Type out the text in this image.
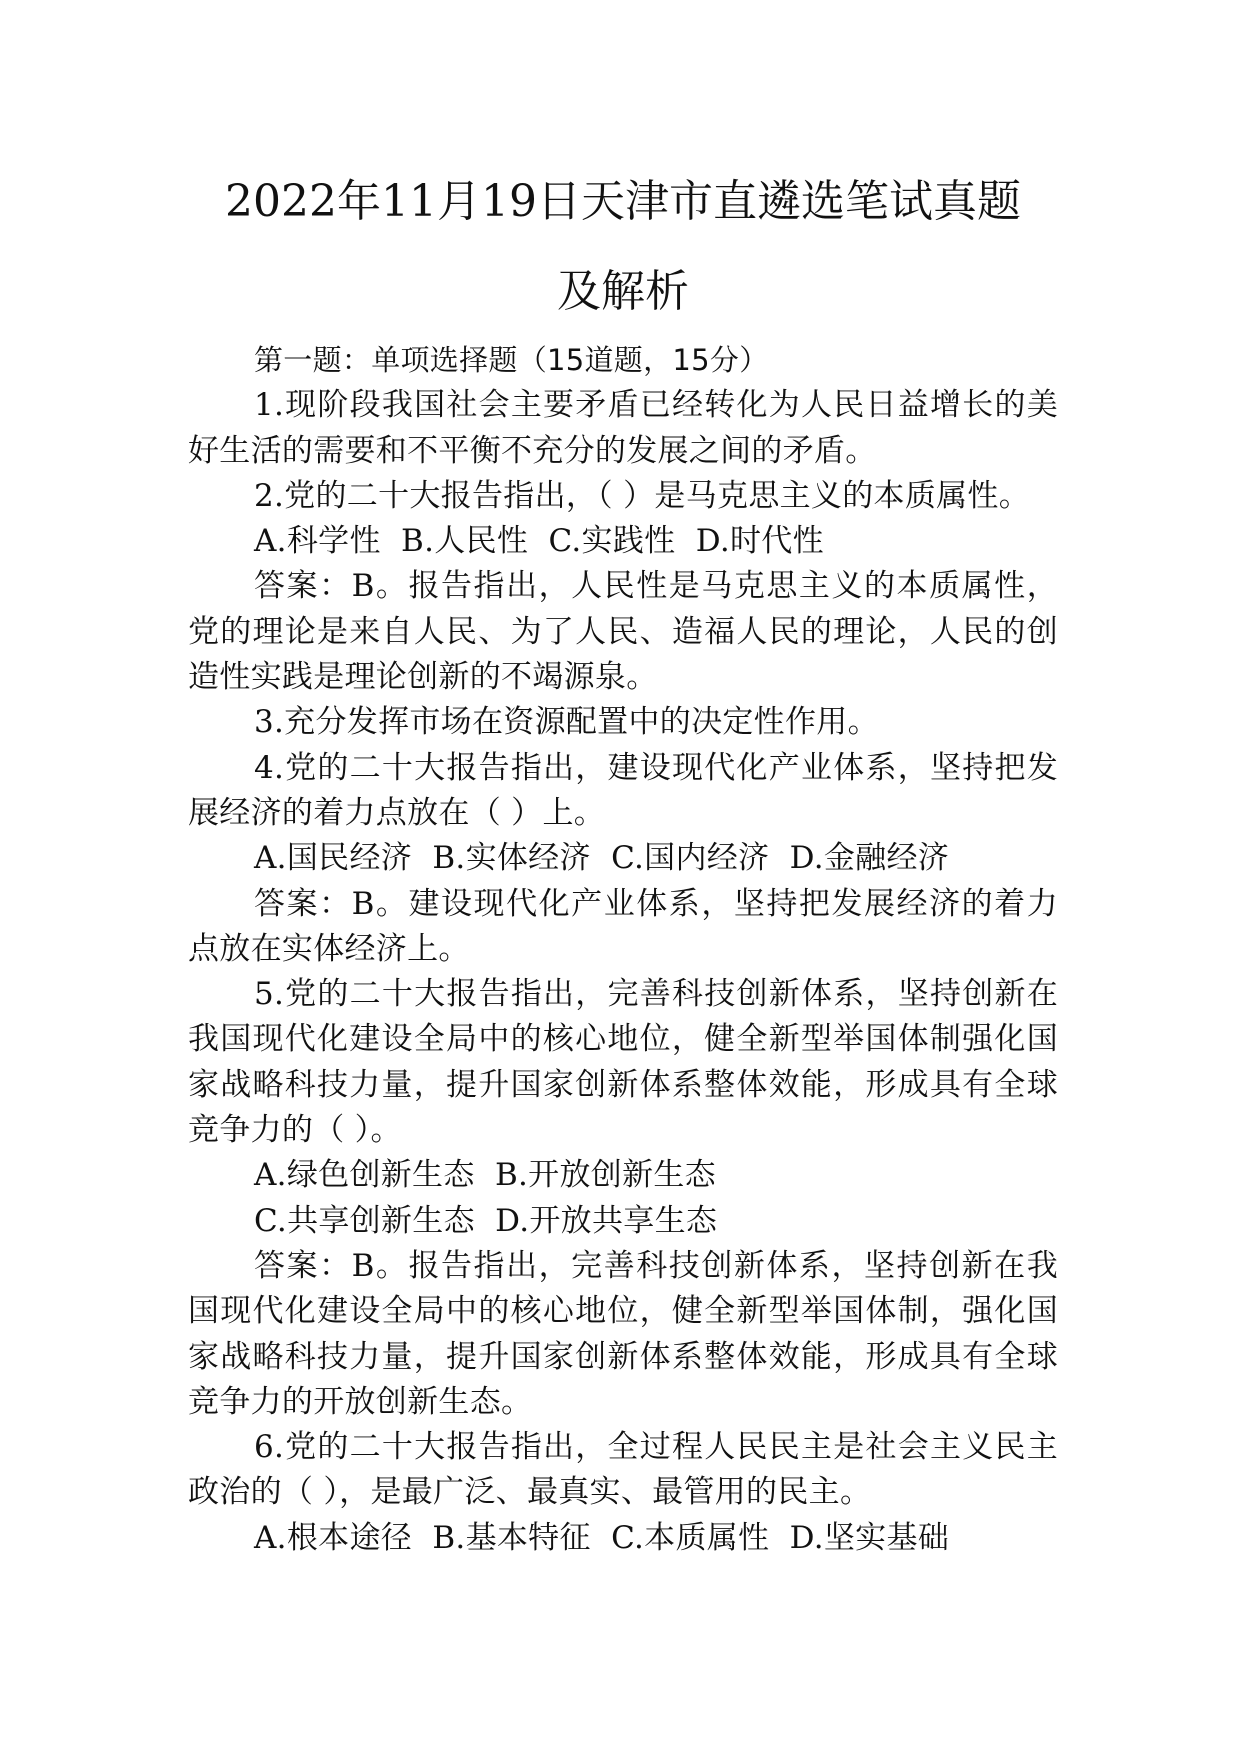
2022年11月19日天津市直遴选笔试真题
及解析

第一题：单项选择题（15道题，15分）

1.现阶段我国社会主要矛盾已经转化为人民日益增长的美好生活的需要和不平衡不充分的发展之间的矛盾。

2.党的二十大报告指出，（ ）是马克思主义的本质属性。

A.科学性  B.人民性  C.实践性  D.时代性

答案：B。报告指出，人民性是马克思主义的本质属性，党的理论是来自人民、为了人民、造福人民的理论，人民的创造性实践是理论创新的不竭源泉。

3.充分发挥市场在资源配置中的决定性作用。

4.党的二十大报告指出，建设现代化产业体系，坚持把发展经济的着力点放在（ ）上。

A.国民经济  B.实体经济  C.国内经济  D.金融经济

答案：B。建设现代化产业体系，坚持把发展经济的着力点放在实体经济上。

5.党的二十大报告指出，完善科技创新体系，坚持创新在我国现代化建设全局中的核心地位，健全新型举国体制强化国家战略科技力量，提升国家创新体系整体效能，形成具有全球竞争力的（ ）。

A.绿色创新生态  B.开放创新生态

C.共享创新生态  D.开放共享生态

答案：B。报告指出，完善科技创新体系，坚持创新在我国现代化建设全局中的核心地位，健全新型举国体制，强化国家战略科技力量，提升国家创新体系整体效能，形成具有全球竞争力的开放创新生态。

6.党的二十大报告指出，全过程人民民主是社会主义民主政治的（ ），是最广泛、最真实、最管用的民主。

A.根本途径  B.基本特征  C.本质属性  D.坚实基础
